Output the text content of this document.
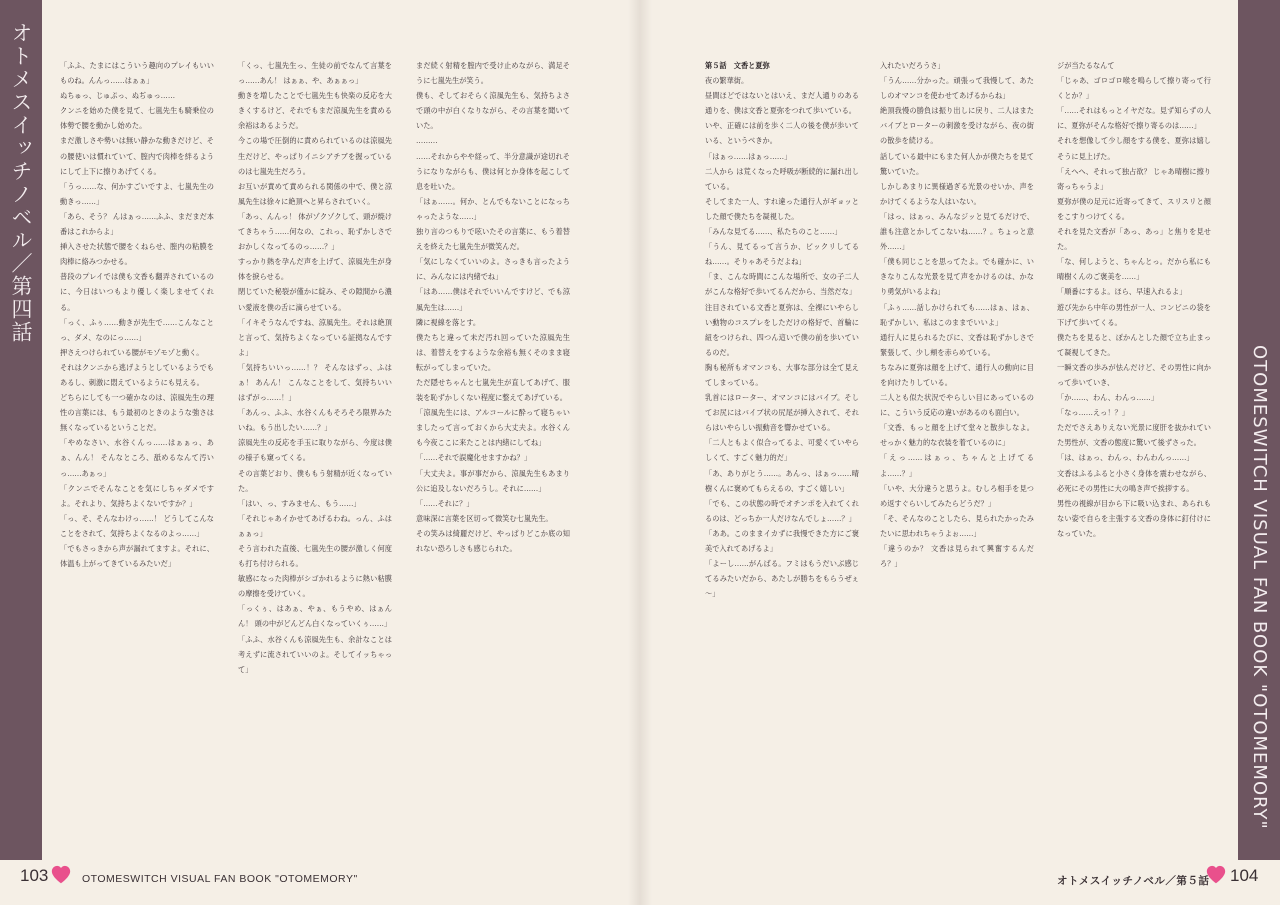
オトメスイッチノベル／第四話
OTOMESWITCH VISUAL FAN BOOK "OTOMEMORY"

「ふふ、たまにはこういう趣向のプレイもいいものね。んんっ……はぁぁ」

ぬちゅっ、じゅぷっ、ぬぢゅっ……

クンニを始めた僕を見て、七嵐先生も騎乗位の体勢で腰を動かし始めた。

まだ激しさや勢いは無い静かな動きだけど、その腰使いは慣れていて、膣内で肉棒を絆るようにして上下に擦りあげてくる。

「うっ……な、何かすごいですよ、七嵐先生の動きっ……」

「あら、そう？ んはぁっ……ふふ、まだまだ本番はこれからよ」

挿入させた状態で腰をくねらせ、膣内の粘膜を肉棒に絡みつかせる。

普段のプレイでは僕も文香も翻弄されているのに、今日はいつもより優しく楽しませてくれる。

「っく、ふぅ……動きが先生で……こんなことっ、ダメ、なのにっ……」

押さえつけられている腰がモゾモゾと動く。

それはクンニから逃げようとしているようでもあるし、刺激に悶えているようにも見える。

どちらにしても一つ確かなのは、涼風先生の理性の言葉には、もう最初のときのような強さは無くなっているということだ。

「やめなさい、水谷くんっ……はぁぁっ、あぁ、んん！ そんなところ、舐めるなんて汚いっ……あぁっ」

「クンニでそんなことを気にしちゃダメですよ。それより、気持ちよくないですか？」

「っ、そ、そんなわけっ……！ どうしてこんなことをされて、気持ちよくなるのよっ……」

「でもさっきから声が漏れてますよ。それに、体温も上がってきているみたいだ」

「くっ、七嵐先生っ、生徒の前でなんて言葉をっ……あん！ はぁぁ、や、あぁぁっ」

動きを増したことで七嵐先生も快楽の反応を大きくするけど、それでもまだ涼風先生を責める余裕はあるようだ。

今この場で圧倒的に責められているのは涼風先生だけど、やっぱりイニシアチブを握っているのは七嵐先生だろう。

お互いが責めて責められる関係の中で、僕と涼風先生は徐々に絶頂へと昇らされていく。

「あっ、んんっ！ 体がゾクゾクして、頭が焼けてきちゃう……何なの、これっ、恥ずかしさでおかしくなってるのっ……？」

すっかり熱を孕んだ声を上げて、涼風先生が身体を捩らせる。

閉じていた秘裂が僅かに綻み、その隙間から濃い愛液を僕の舌に滴らせている。

「イキそうなんですね、涼風先生。それは絶頂と言って、気持ちよくなっている証拠なんですよ」

「気持ちいいっ……！？ そんなはずっ、ふはぁ！ あんん！ こんなことをして、気持ちいいはずがっ……！」

「あんっ、ふふ、水谷くんもそろそろ限界みたいね。もう出したい……？」

涼風先生の反応を手玉に取りながら、今度は僕の様子も窺ってくる。

その言葉どおり、僕ももう射精が近くなっていた。

「はい、っ、すみません、もう……」

「それじゃあイかせてあげるわね。っん、ふはぁぁっ」

そう言われた直後、七嵐先生の腰が激しく何度も打ち付けられる。

敏感になった肉棒がシゴかれるように熱い粘膜の摩擦を受けていく。

「っくぅ、はあぁ、やぁ、もうやめ、はぁんん！ 頭の中がどんどん白くなっていくぅ……」

「ふふ、水谷くんも涼風先生も、余計なことは考えずに流されていいのよ。そしてイッちゃって」

まだ続く射精を膣内で受け止めながら、満足そうに七嵐先生が笑う。

僕も、そしておそらく涼風先生も、気持ちよさで頭の中が白くなりながら、その言葉を聞いていた。

………

……それからやや経って、半分意識が途切れそうになりながらも、僕は何とか身体を起こして息を吐いた。

「はぁ……。何か、とんでもないことになっちゃったような……」

独り言のつもりで呟いたその言葉に、もう着替えを終えた七嵐先生が微笑んだ。

「気にしなくていいのよ。さっきも言ったように、みんなには内緒でね」

「はあ……僕はそれでいいんですけど、でも涼風先生は……」

隣に視線を落とす。

僕たちと違って未だ汚れ回っていた涼風先生は、着替えをするような余裕も無くそのまま寝転がってしまっていた。

ただ隠せちゃんと七嵐先生が直してあげて、服装を恥ずかしくない程度に整えてあげている。

「涼風先生には、アルコールに酔って寝ちゃいましたって言っておくから大丈夫よ。水谷くんも今夜ここに来たことは内緒にしてね」

「……それで誤魔化せますかね？」

「大丈夫よ。事が事だから、涼風先生もあまり公に追及しないだろうし。それに……」

「……それに？」

意味深に言葉を区切って微笑む七嵐先生。

その笑みは綺麗だけど、やっぱりどこか底の知れない恐ろしさも感じられた。

第５話　文香と夏弥

夜の繁華街。

昼間ほどではないとはいえ、まだ人通りのある通りを、僕は文香と夏弥をつれて歩いている。

いや、正確には前を歩く二人の後を僕が歩いている、というべきか。

「はぁっ……はぁっ……」

二人から は荒くなった呼吸が断続的に漏れ出している。

そしてまた一人、すれ違った通行人がギョッとした顔で僕たちを凝視した。

「みんな見てる……、私たちのこと……」

「うん、見てるって言うか、ビックリしてるね……。そりゃあそうだよね」

「ま、こんな時間にこんな場所で、女の子二人がこんな格好で歩いてるんだから、当然だな」

注目されている文香と夏弥は、全裸にいやらしい動物のコスプレをしただけの格好で、首輪に紐をつけられ、四つん這いで僕の前を歩いているのだ。

胸も秘所もオマンコも、大事な部分は全て見えてしまっている。

乳首にはローター、オマンコにはバイブ。そしてお尻にはバイブ状の尻尾が挿入されて、それらはいやらしい振動音を響かせている。

「二人ともよく似合ってるよ、可愛くていやらしくて、すごく魅力的だ」

「あ、ありがとう……。あんっ、はぁっ……晴樹くんに褒めてもらえるの、すごく嬉しい」

「でも、この状態の時でオチンポを入れてくれるのは、どっちか一人だけなんでしょ……？」

「ああ。このままイカずに我慢できた方にご褒美で入れてあげるよ」

「よーし……がんばる。フミはもうだいぶ感じてるみたいだから、あたしが勝ちをもらうぜぇ～」

入れたいだろうさ」

「うん……分かった。頑張って我慢して、あたしのオマンコを使わせてあげるからね」

絶頂我慢の勝負は振り出しに戻り、二人はまたバイブとローターの刺激を受けながら、夜の街の散歩を続ける。

話している最中にもまた何人かが僕たちを見て驚いていた。

しかしあまりに異様過ぎる光景のせいか、声をかけてくるような人はいない。

「はっ、はぁっ、みんなジッと見てるだけで、誰も注意とかしてこないね……？。ちょっと意外……」

「僕も同じことを思ってたよ。でも確かに、いきなりこんな光景を見て声をかけるのは、かなり勇気がいるよね」

「ふぅ……話しかけられても……はぁ、はぁ、恥ずかしい、私はこのままでいいよ」

通行人に見られるたびに、文香は恥ずかしさで緊張して、少し頬を赤らめている。

ちなみに夏弥は顔を上げて、通行人の動向に目を向けたりしている。

二人とも似た状況でやらしい目にあっているのに、こういう反応の違いがあるのも面白い。

「文香、もっと顔を上げて堂々と散歩しなよ。せっかく魅力的な衣装を着ているのに」

「えっ……はぁっ、ちゃんと上げてるよ……？」

「いや、大分違うと思うよ。むしろ相手を見つめ返すぐらいしてみたらどうだ？」

「そ、そんなのことしたら、見られたかったみたいに思われちゃうよぉ……」

「違うのか？ 文香は見られて興奮するんだろ？」

ジが当たるなんて

「じゃあ、ゴロゴロ喉を鳴らして擦り寄って行くとか？」

「……それはもっとイヤだな。見ず知らずの人に、夏弥がそんな格好で擦り寄るのは……」

それを想像して少し顔をする僕を、夏弥は嬉しそうに見上げた。

「えへへ、それって独占欲？ じゃあ晴樹に擦り寄っちゃうよ」

夏弥が僕の足元に近寄ってきて、スリスリと顔をこすりつけてくる。

それを見た文香が「あっ、あっ」と焦りを見せた。

「な、何しようと、ちゃんとっ。だから私にも晴樹くんのご褒美を……」

「順番にするよ。ほら、早速入れるよ」

遊び先から中年の男性が一人、コンビニの袋を下げて歩いてくる。

僕たちを見ると、ぽかんとした顔で立ち止まって凝視してきた。

一瞬文香の歩みが怯んだけど、その男性に向かって歩いていき、

「か……、わん、わんっ……」

「なっ……えっ！？」

ただでさえありえない光景に度肝を抜かれていた男性が、文香の態度に驚いて後ずさった。

「は、はぁっ、わんっ、わんわんっ……」

文香はふるふると小さく身体を震わせながら、必死にその男性に大の鳴き声で挨拶する。

男性の視線が目から下に吸い込まれ、あられもない姿で自らを主張する文香の身体に釘付けになっていた。

103	OTOMESWITCH VISUAL FAN BOOK "OTOMEMORY"	オトメスイッチノベル／第５話 104
